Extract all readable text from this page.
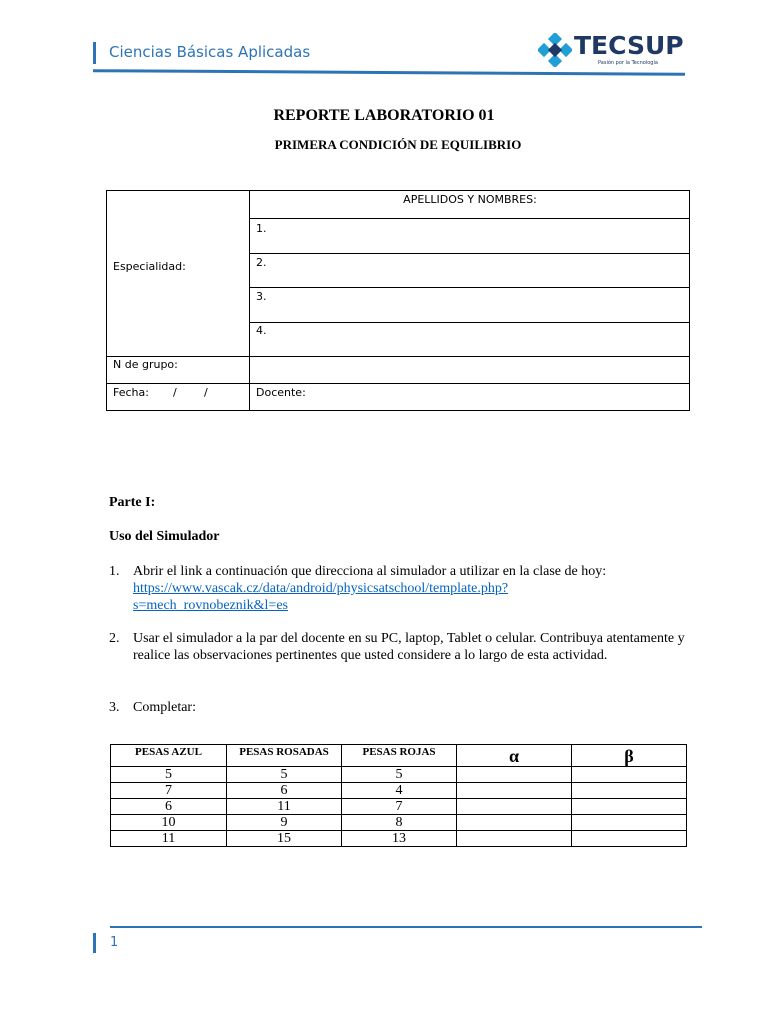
Ciencias Básicas Aplicadas	TECSUP
Pasión por la Tecnología
REPORTE LABORATORIO 01
PRIMERA CONDICIÓN DE EQUILIBRIO
APELLIDOS Y NOMBRES:
Especialidad:
1.
2.
3.
4.
N de grupo:
Fecha: / /	Docente:
Parte I:
Uso del Simulador
1. Abrir el link a continuación que direcciona al simulador a utilizar en la clase de hoy:
https://www.vascak.cz/data/android/physicsatschool/template.php?
s=mech_rovnobeznik&l=es
2. Usar el simulador a la par del docente en su PC, laptop, Tablet o celular. Contribuya atentamente y realice las observaciones pertinentes que usted considere a lo largo de esta actividad.
3. Completar:
PESAS AZUL	PESAS ROSADAS	PESAS ROJAS	α	β
5	5	5		
7	6	4		
6	11	7		
10	9	8		
11	15	13		
1
